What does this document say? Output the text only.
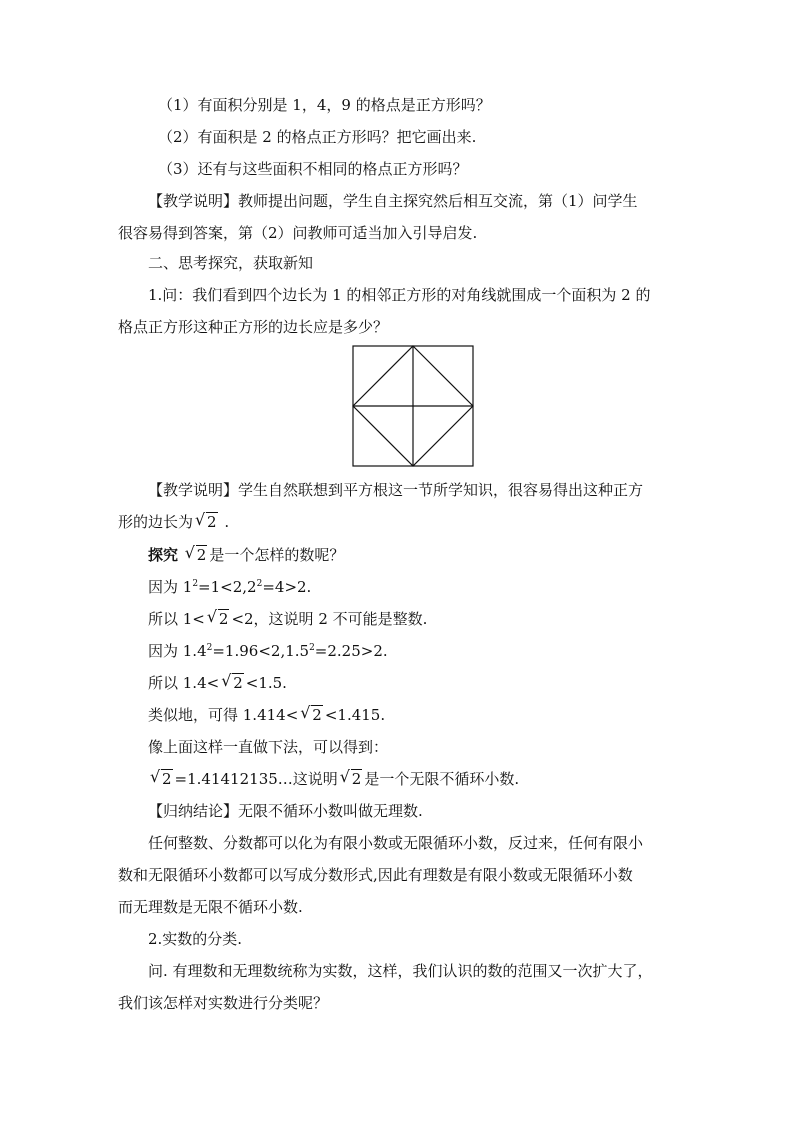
（1）有面积分别是 1，4，9 的格点是正方形吗？
（2）有面积是 2 的格点正方形吗？把它画出来.
（3）还有与这些面积不相同的格点正方形吗？
【教学说明】教师提出问题，学生自主探究然后相互交流，第（1）问学生
很容易得到答案，第（2）问教师可适当加入引导启发.
二、思考探究，获取新知
1.问：我们看到四个边长为 1 的相邻正方形的对角线就围成一个面积为 2 的
格点正方形这种正方形的边长应是多少？
【教学说明】学生自然联想到平方根这一节所学知识，很容易得出这种正方
形的边长为 √ 2 .
探究 √ 2 是一个怎样的数呢？
因为 $1^2=1<2,2^2=4>2$.
所以 1< √ 2 <2，这说明 2 不可能是整数.
因为 $1.4^2=1.96<2,1.5^2=2.25>2$.
所以 1.4< √ 2 <1.5.
类似地，可得 1.414< √ 2 <1.415.
像上面这样一直做下法，可以得到：
√ 2 =1.41412135…这说明 √ 2 是一个无限不循环小数.
【归纳结论】无限不循环小数叫做无理数.
任何整数、分数都可以化为有限小数或无限循环小数，反过来，任何有限小
数和无限循环小数都可以写成分数形式,因此有理数是有限小数或无限循环小数
而无理数是无限不循环小数.
2.实数的分类.
问. 有理数和无理数统称为实数，这样，我们认识的数的范围又一次扩大了，
我们该怎样对实数进行分类呢？
